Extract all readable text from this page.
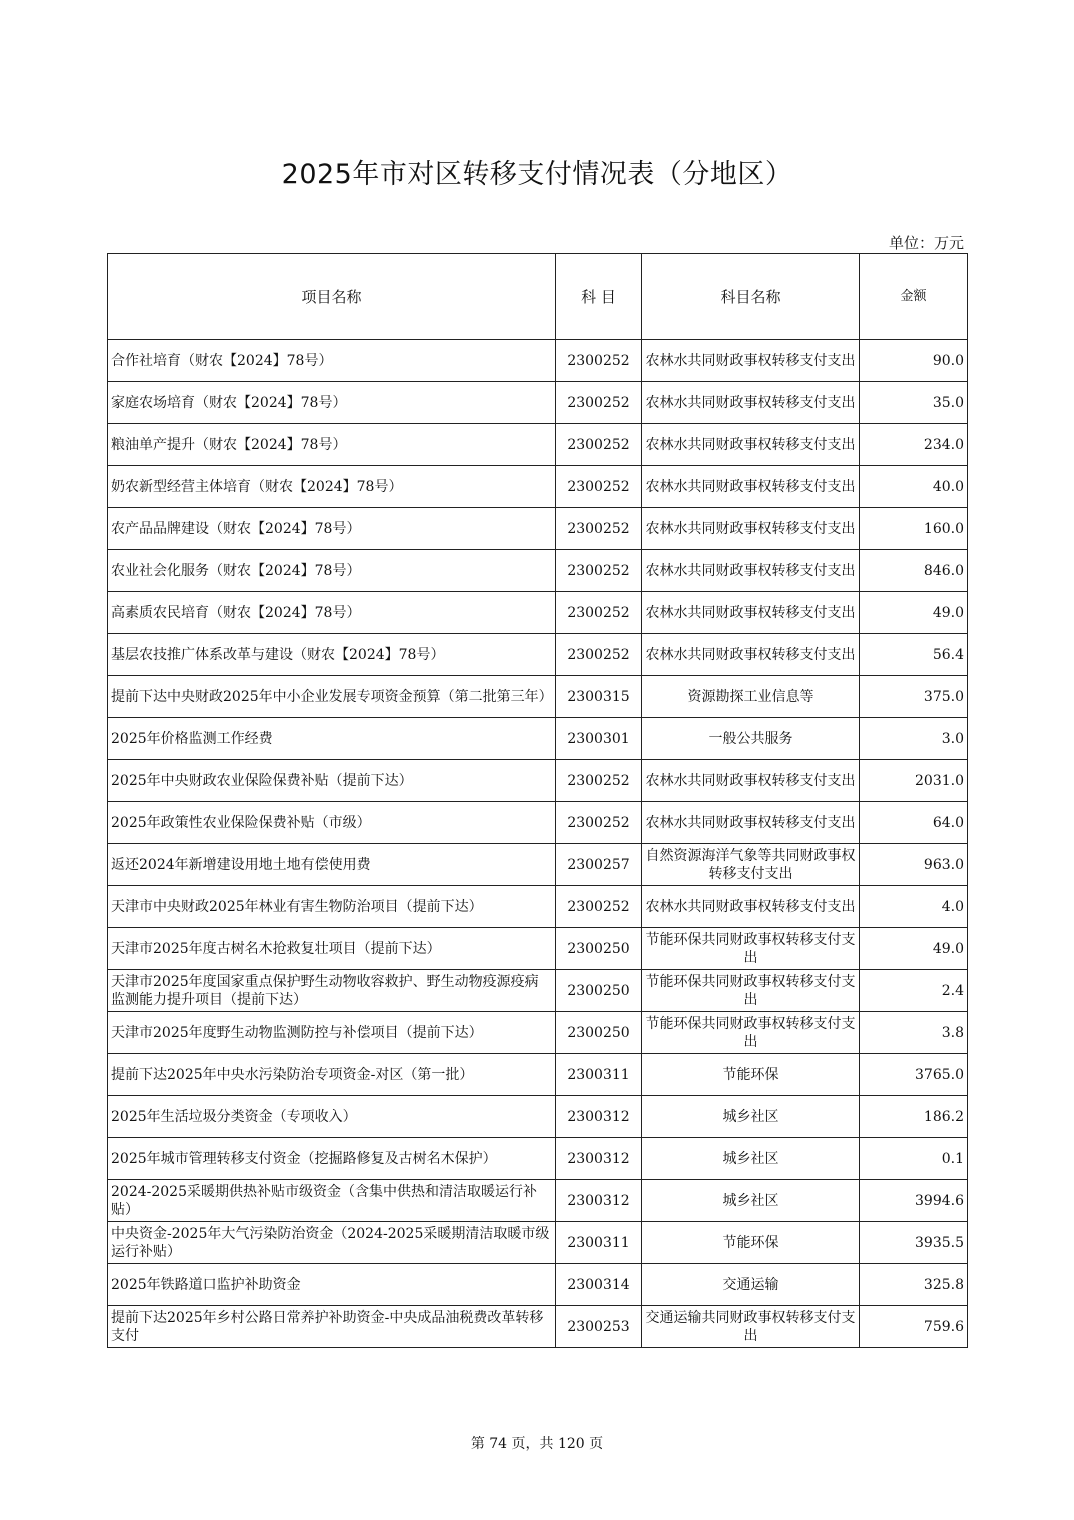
2025年市对区转移支付情况表（分地区）
单位：万元
项目名称	科 目	科目名称	金额
合作社培育（财农【2024】78号）	2300252	农林水共同财政事权转移支付支出	90.0
家庭农场培育（财农【2024】78号）	2300252	农林水共同财政事权转移支付支出	35.0
粮油单产提升（财农【2024】78号）	2300252	农林水共同财政事权转移支付支出	234.0
奶农新型经营主体培育（财农【2024】78号）	2300252	农林水共同财政事权转移支付支出	40.0
农产品品牌建设（财农【2024】78号）	2300252	农林水共同财政事权转移支付支出	160.0
农业社会化服务（财农【2024】78号）	2300252	农林水共同财政事权转移支付支出	846.0
高素质农民培育（财农【2024】78号）	2300252	农林水共同财政事权转移支付支出	49.0
基层农技推广体系改革与建设（财农【2024】78号）	2300252	农林水共同财政事权转移支付支出	56.4
提前下达中央财政2025年中小企业发展专项资金预算（第二批第三年）	2300315	资源勘探工业信息等	375.0
2025年价格监测工作经费	2300301	一般公共服务	3.0
2025年中央财政农业保险保费补贴（提前下达）	2300252	农林水共同财政事权转移支付支出	2031.0
2025年政策性农业保险保费补贴（市级）	2300252	农林水共同财政事权转移支付支出	64.0
返还2024年新增建设用地土地有偿使用费	2300257	自然资源海洋气象等共同财政事权转移支付支出	963.0
天津市中央财政2025年林业有害生物防治项目（提前下达）	2300252	农林水共同财政事权转移支付支出	4.0
天津市2025年度古树名木抢救复壮项目（提前下达）	2300250	节能环保共同财政事权转移支付支出	49.0
天津市2025年度国家重点保护野生动物收容救护、野生动物疫源疫病监测能力提升项目（提前下达）	2300250	节能环保共同财政事权转移支付支出	2.4
天津市2025年度野生动物监测防控与补偿项目（提前下达）	2300250	节能环保共同财政事权转移支付支出	3.8
提前下达2025年中央水污染防治专项资金-对区（第一批）	2300311	节能环保	3765.0
2025年生活垃圾分类资金（专项收入）	2300312	城乡社区	186.2
2025年城市管理转移支付资金（挖掘路修复及古树名木保护）	2300312	城乡社区	0.1
2024-2025采暖期供热补贴市级资金（含集中供热和清洁取暖运行补贴）	2300312	城乡社区	3994.6
中央资金-2025年大气污染防治资金（2024-2025采暖期清洁取暖市级运行补贴）	2300311	节能环保	3935.5
2025年铁路道口监护补助资金	2300314	交通运输	325.8
提前下达2025年乡村公路日常养护补助资金-中央成品油税费改革转移支付	2300253	交通运输共同财政事权转移支付支出	759.6
第 74 页，共 120 页
